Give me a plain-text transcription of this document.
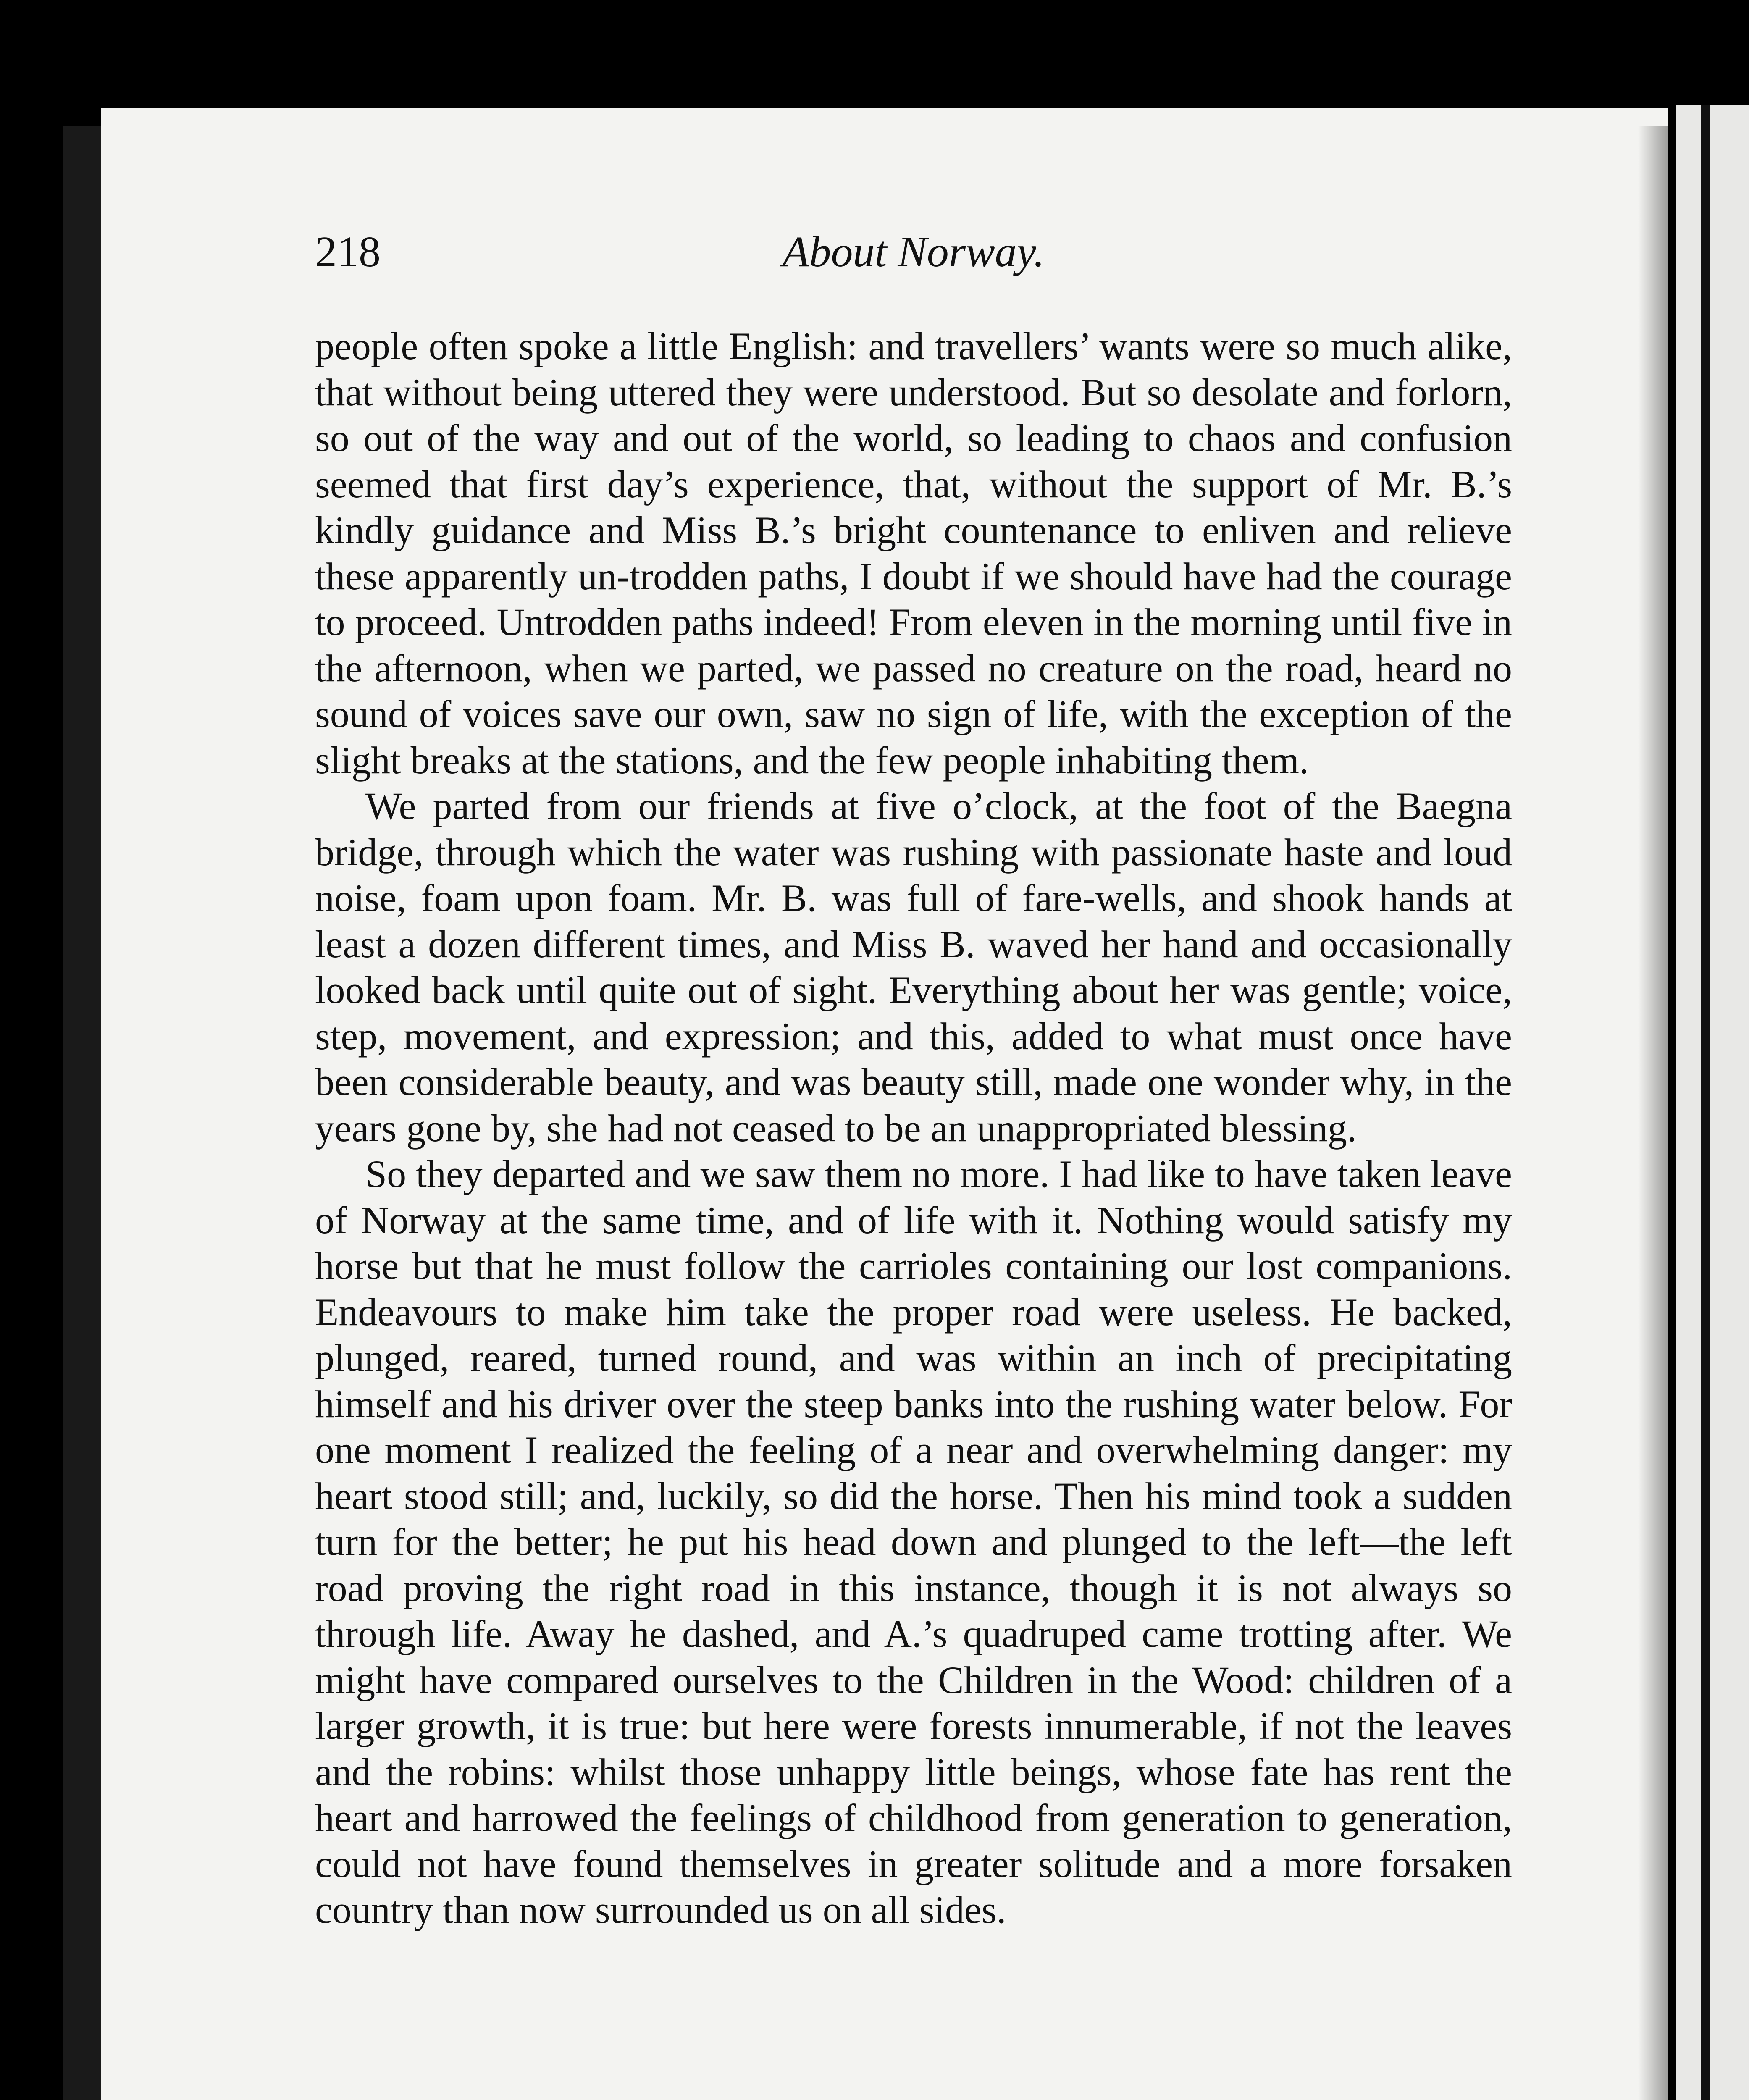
218	About Norway.

people often spoke a little English: and travellers’ wants were so much alike, that without being uttered they were understood. But so desolate and forlorn, so out of the way and out of the world, so leading to chaos and confusion seemed that first day’s experience, that, without the support of Mr. B.’s kindly guidance and Miss B.’s bright countenance to enliven and relieve these apparently un-trodden paths, I doubt if we should have had the courage to proceed. Untrodden paths indeed! From eleven in the morning until five in the afternoon, when we parted, we passed no creature on the road, heard no sound of voices save our own, saw no sign of life, with the exception of the slight breaks at the stations, and the few people inhabiting them.

We parted from our friends at five o’clock, at the foot of the Baegna bridge, through which the water was rushing with passionate haste and loud noise, foam upon foam. Mr. B. was full of fare-wells, and shook hands at least a dozen different times, and Miss B. waved her hand and occasionally looked back until quite out of sight. Everything about her was gentle; voice, step, movement, and expression; and this, added to what must once have been considerable beauty, and was beauty still, made one wonder why, in the years gone by, she had not ceased to be an unappropriated blessing.

So they departed and we saw them no more. I had like to have taken leave of Norway at the same time, and of life with it. Nothing would satisfy my horse but that he must follow the carrioles containing our lost companions. Endeavours to make him take the proper road were useless. He backed, plunged, reared, turned round, and was within an inch of precipitating himself and his driver over the steep banks into the rushing water below. For one moment I realized the feeling of a near and overwhelming danger: my heart stood still; and, luckily, so did the horse. Then his mind took a sudden turn for the better; he put his head down and plunged to the left—the left road proving the right road in this instance, though it is not always so through life. Away he dashed, and A.’s quadruped came trotting after. We might have compared ourselves to the Children in the Wood: children of a larger growth, it is true: but here were forests innumerable, if not the leaves and the robins: whilst those unhappy little beings, whose fate has rent the heart and harrowed the feelings of childhood from generation to generation, could not have found themselves in greater solitude and a more forsaken country than now surrounded us on all sides.
